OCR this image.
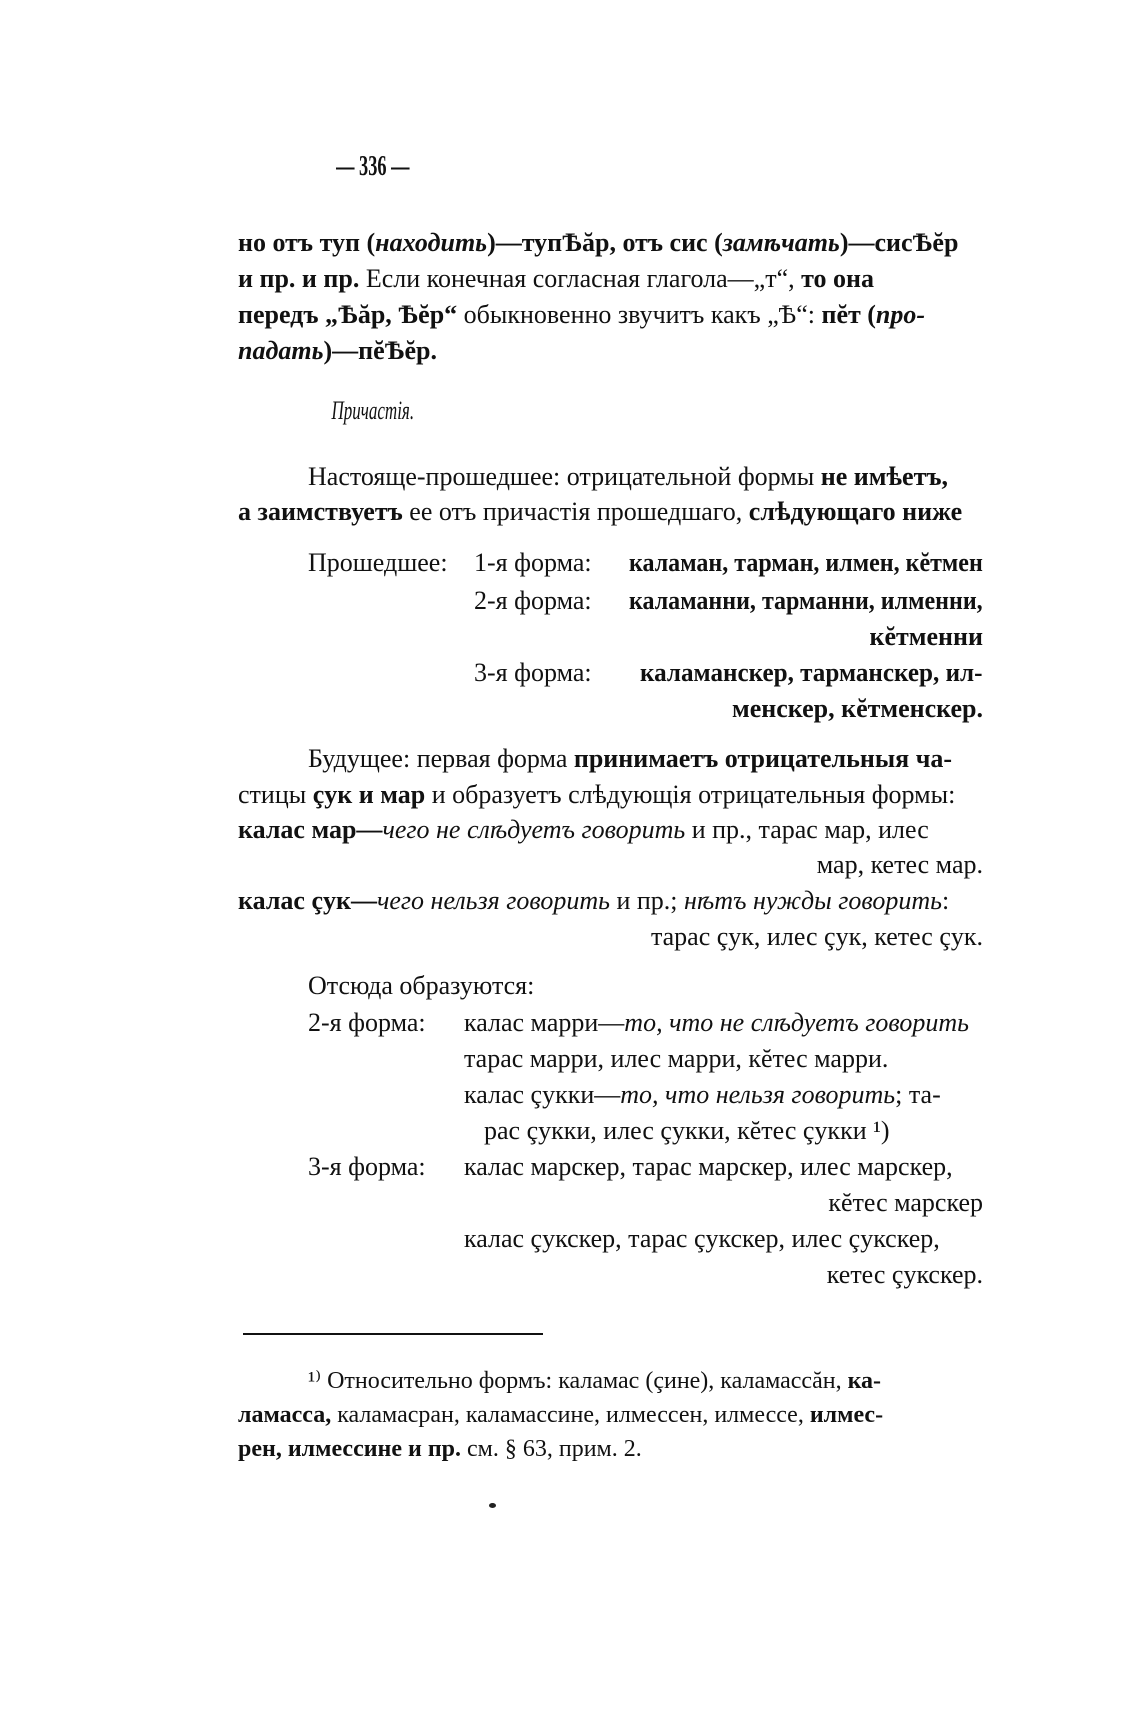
— 336 —
но отъ туп (находить)—тупѢăр, отъ сис (замѣчать)—сисѢĕр
и пр. и пр. Если конечная согласная глагола—„т“, то она
передъ „Ѣăр, Ѣĕр“ обыкновенно звучитъ какъ „Ѣ“: пĕт (про-
падать)—пĕѢĕр.
Причастія.
Настояще-прошедшее: отрицательной формы не имѣетъ,
а заимствуетъ ее отъ причастія прошедшаго, слѣдующаго ниже
Прошедшее: 1-я форма: каламан, тарман, илмен, кĕтмен
2-я форма: каламанни, тарманни, илменни,
кĕтменни
3-я форма: каламанскер, тарманскер, ил-
менскер, кĕтменскер.
Будущее: первая форма принимаетъ отрицательныя ча-
стицы çук и мар и образуетъ слѣдующія отрицательныя формы:
калас мар—чего не слѣдуетъ говорить и пр., тарас мар, илес
мар, кетес мар.
калас çук—чего нельзя говорить и пр.; нѣтъ нужды говорить:
тарас çук, илес çук, кетес çук.
Отсюда образуются:
2-я форма: калас марри—то, что не слѣдуетъ говорить
тарас марри, илес марри, кĕтес марри.
калас çукки—то, что нельзя говорить; та-
рас çукки, илес çукки, кĕтес çукки ¹)
3-я форма: калас марскер, тарас марскер, илес марскер,
кĕтес марскер
калас çукскер, тарас çукскер, илес çукскер,
кетес çукскер.
¹⁾ Относительно формъ: каламас (çине), каламассăн, ка-
ламасса, каламасран, каламассине, илмессен, илмессе, илмес-
рен, илмессине и пр. см. § 63, прим. 2.
